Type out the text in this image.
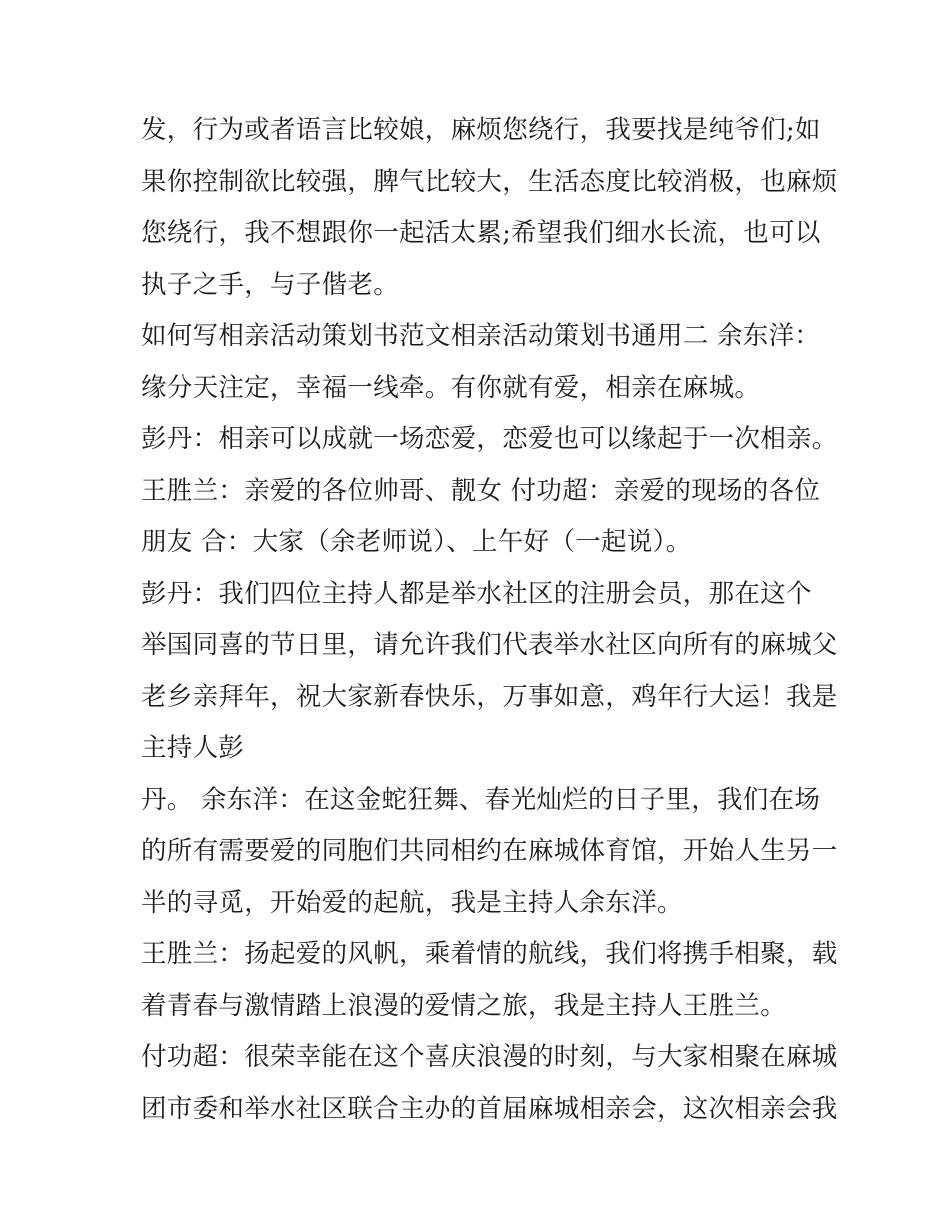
发，行为或者语言比较娘，麻烦您绕行，我要找是纯爷们;如
果你控制欲比较强，脾气比较大，生活态度比较消极，也麻烦
您绕行，我不想跟你一起活太累;希望我们细水长流，也可以
执子之手，与子偕老。
如何写相亲活动策划书范文相亲活动策划书通用二 余东洋：
缘分天注定，幸福一线牵。有你就有爱，相亲在麻城。
彭丹：相亲可以成就一场恋爱，恋爱也可以缘起于一次相亲。
王胜兰：亲爱的各位帅哥、靓女 付功超：亲爱的现场的各位
朋友 合：大家（余老师说）、上午好（一起说）。
彭丹：我们四位主持人都是举水社区的注册会员，那在这个
举国同喜的节日里，请允许我们代表举水社区向所有的麻城父
老乡亲拜年，祝大家新春快乐，万事如意，鸡年行大运！我是
主持人彭
丹。 余东洋：在这金蛇狂舞、春光灿烂的日子里，我们在场
的所有需要爱的同胞们共同相约在麻城体育馆，开始人生另一
半的寻觅，开始爱的起航，我是主持人余东洋。
王胜兰：扬起爱的风帆，乘着情的航线，我们将携手相聚，载
着青春与激情踏上浪漫的爱情之旅，我是主持人王胜兰。
付功超：很荣幸能在这个喜庆浪漫的时刻，与大家相聚在麻城
团市委和举水社区联合主办的首届麻城相亲会，这次相亲会我
